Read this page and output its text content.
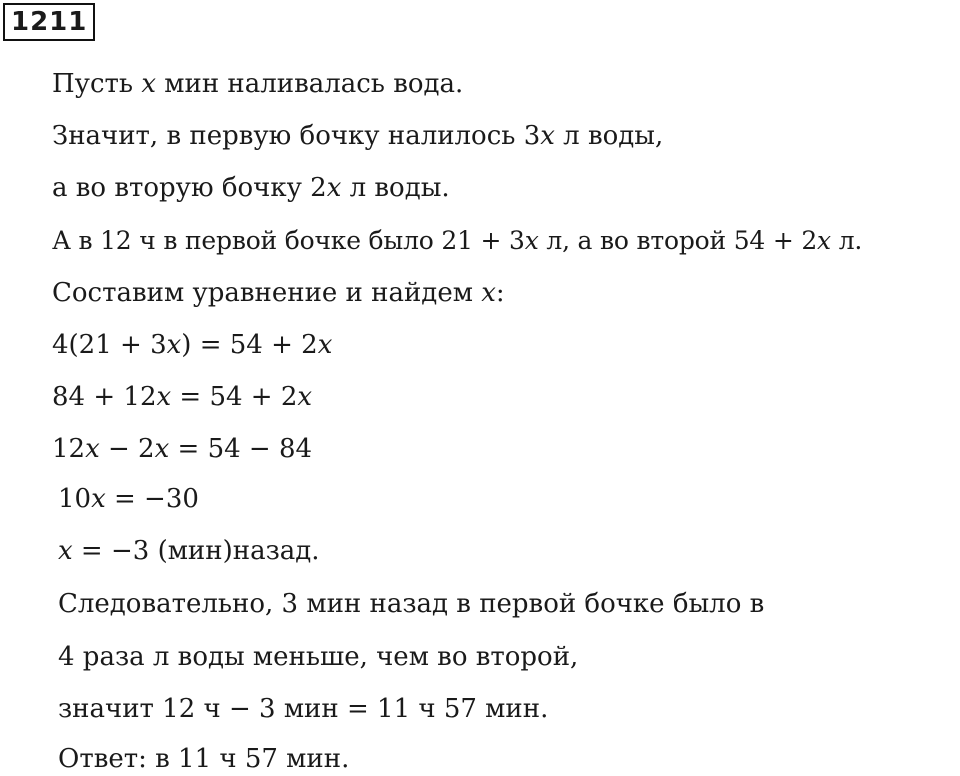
1211
Пусть 𝑥 мин наливалась вода.
Значит, в первую бочку налилось 3𝑥 л воды,
а во вторую бочку 2𝑥 л воды.
А в 12 ч в первой бочке было 21 + 3𝑥 л, а во второй 54 + 2𝑥 л.
Составим уравнение и найдем 𝑥:
4(21 + 3𝑥) = 54 + 2𝑥
84 + 12𝑥 = 54 + 2𝑥
12𝑥 − 2𝑥 = 54 − 84
10𝑥 = −30
𝑥 = −3 (мин)назад.
Следовательно, 3 мин назад в первой бочке было в
4 раза л воды меньше, чем во второй,
значит 12 ч − 3 мин = 11 ч 57 мин.
Ответ: в 11 ч 57 мин.
